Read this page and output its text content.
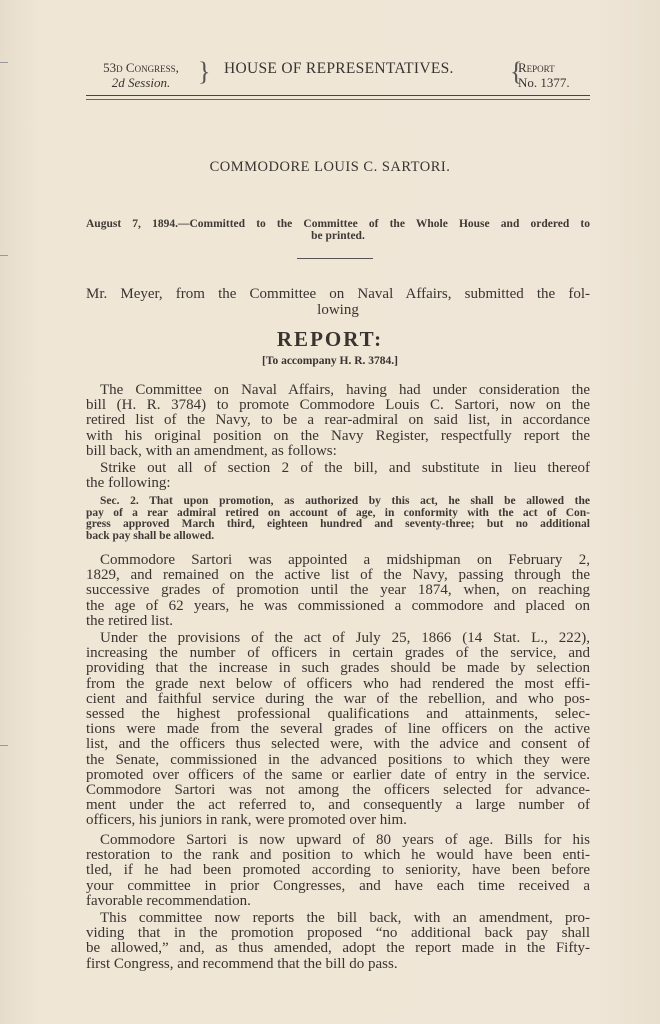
53d Congress,
2d Session.	} HOUSE OF REPRESENTATIVES. {
Report
No. 1377.
COMMODORE LOUIS C. SARTORI.
August 7, 1894.—Committed to the Committee of the Whole House and ordered to
be printed.
Mr. Meyer, from the Committee on Naval Affairs, submitted the fol-
lowing
REPORT:
[To accompany H. R. 3784.]
The Committee on Naval Affairs, having had under consideration the
bill (H. R. 3784) to promote Commodore Louis C. Sartori, now on the
retired list of the Navy, to be a rear-admiral on said list, in accordance
with his original position on the Navy Register, respectfully report the
bill back, with an amendment, as follows:
Strike out all of section 2 of the bill, and substitute in lieu thereof
the following:
Sec. 2. That upon promotion, as authorized by this act, he shall be allowed the
pay of a rear admiral retired on account of age, in conformity with the act of Con-
gress approved March third, eighteen hundred and seventy-three; but no additional
back pay shall be allowed.
Commodore Sartori was appointed a midshipman on February 2,
1829, and remained on the active list of the Navy, passing through the
successive grades of promotion until the year 1874, when, on reaching
the age of 62 years, he was commissioned a commodore and placed on
the retired list.
Under the provisions of the act of July 25, 1866 (14 Stat. L., 222),
increasing the number of officers in certain grades of the service, and
providing that the increase in such grades should be made by selection
from the grade next below of officers who had rendered the most effi-
cient and faithful service during the war of the rebellion, and who pos-
sessed the highest professional qualifications and attainments, selec-
tions were made from the several grades of line officers on the active
list, and the officers thus selected were, with the advice and consent of
the Senate, commissioned in the advanced positions to which they were
promoted over officers of the same or earlier date of entry in the service.
Commodore Sartori was not among the officers selected for advance-
ment under the act referred to, and consequently a large number of
officers, his juniors in rank, were promoted over him.
Commodore Sartori is now upward of 80 years of age. Bills for his
restoration to the rank and position to which he would have been enti-
tled, if he had been promoted according to seniority, have been before
your committee in prior Congresses, and have each time received a
favorable recommendation.
This committee now reports the bill back, with an amendment, pro-
viding that in the promotion proposed “no additional back pay shall
be allowed,” and, as thus amended, adopt the report made in the Fifty-
first Congress, and recommend that the bill do pass.
